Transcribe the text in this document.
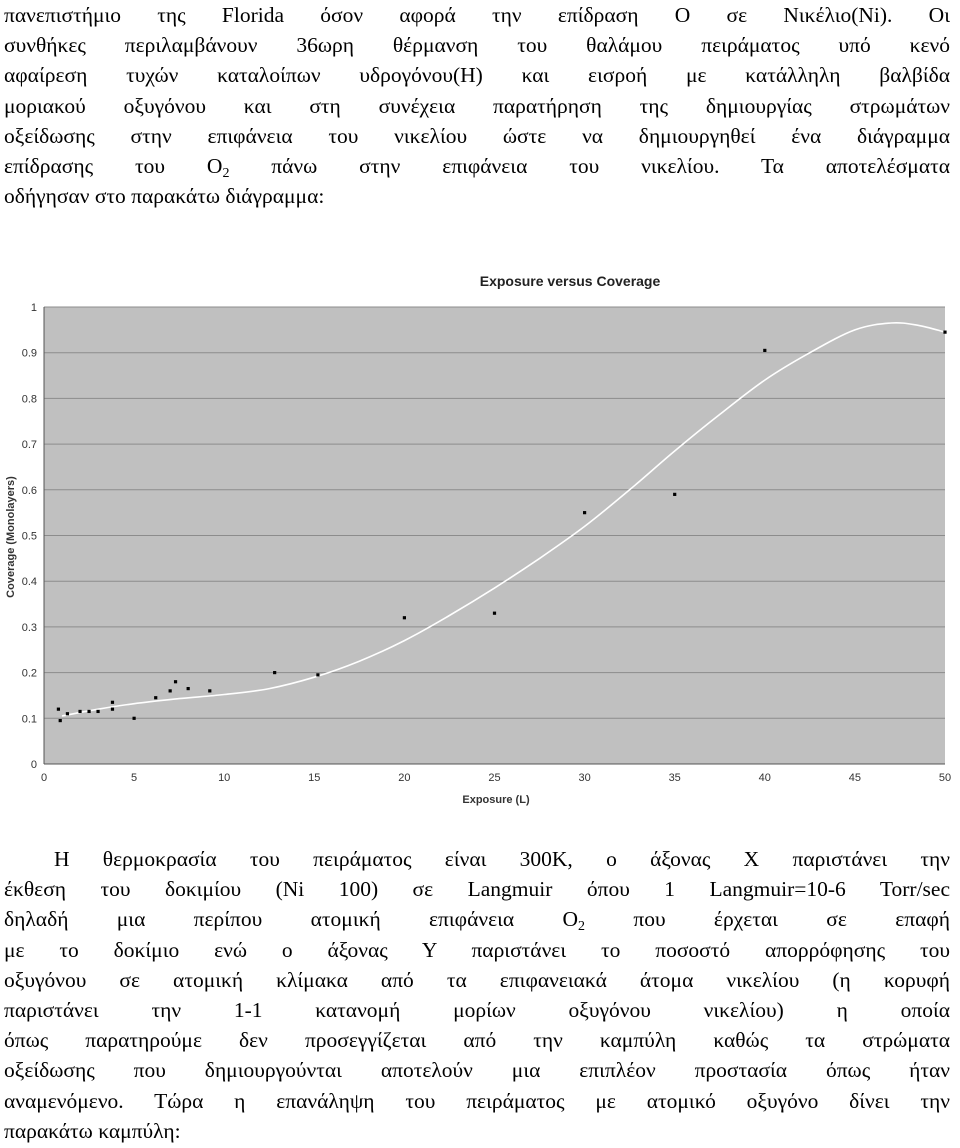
πανεπιστήμιο της Florida όσον αφορά την επίδραση Ο σε Νικέλιο(Ni). Οι
συνθήκες περιλαμβάνουν 36ωρη θέρμανση του θαλάμου πειράματος υπό κενό
αφαίρεση τυχών καταλοίπων υδρογόνου(Η) και εισροή με κατάλληλη βαλβίδα
μοριακού οξυγόνου και στη συνέχεια παρατήρηση της δημιουργίας στρωμάτων
οξείδωσης στην επιφάνεια του νικελίου ώστε να δημιουργηθεί ένα διάγραμμα
επίδρασης του $O_2$ πάνω στην επιφάνεια του νικελίου. Τα αποτελέσματα
οδήγησαν στο παρακάτω διάγραμμα:
0
0.1
0.2
0.3
0.4
0.5
0.6
0.7
0.8
0.9
1
0	5	10	15	20	25	30	35	40	45	50
Exposure versus Coverage
Exposure (L)
Coverage (Monolayers)
Η θερμοκρασία του πειράματος είναι 300K, o άξονας Χ παριστάνει την
έκθεση του δοκιμίου (Ni 100) σε Langmuir όπου 1 Langmuir=10-6 Torr/sec
δηλαδή μια περίπου ατομική επιφάνεια $O_2$ που έρχεται σε επαφή
με το δοκίμιο ενώ ο άξονας Υ παριστάνει το ποσοστό απορρόφησης του
οξυγόνου σε ατομική κλίμακα από τα επιφανειακά άτομα νικελίου (η κορυφή
παριστάνει την 1-1 κατανομή μορίων οξυγόνου νικελίου) η οποία
όπως παρατηρούμε δεν προσεγγίζεται από την καμπύλη καθώς τα στρώματα
οξείδωσης που δημιουργούνται αποτελούν μια επιπλέον προστασία όπως ήταν
αναμενόμενο. Τώρα η επανάληψη του πειράματος με ατομικό οξυγόνο δίνει την
παρακάτω καμπύλη:
